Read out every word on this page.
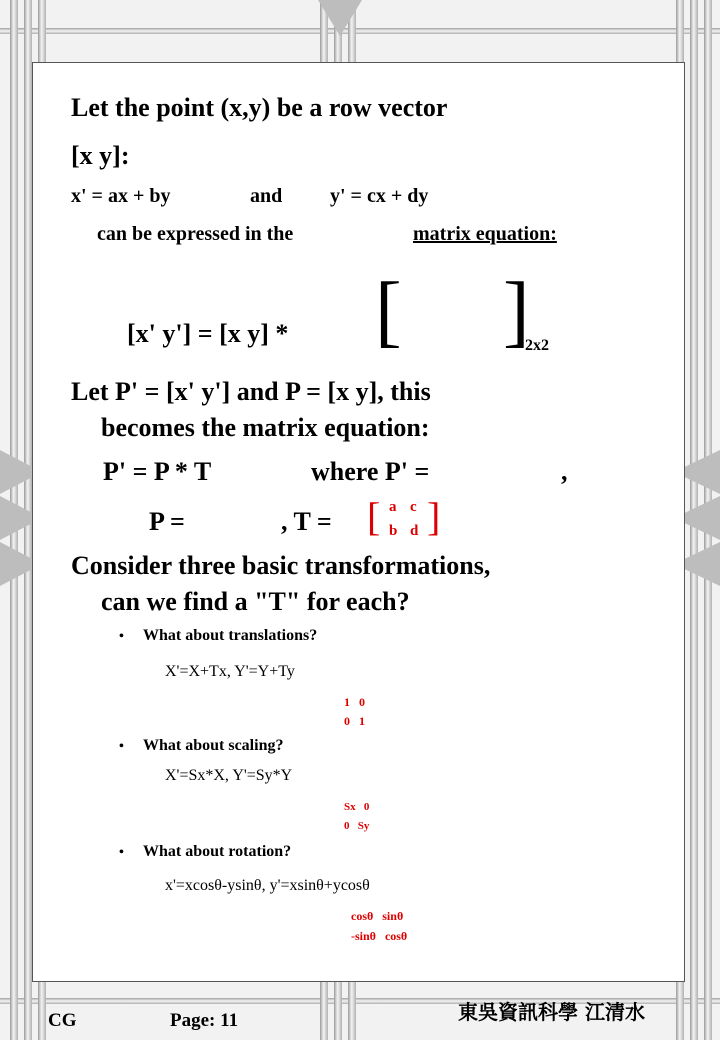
Let the point (x,y) be a row vector
[x y]:
x' = ax + by	and y' = cx + dy
can be expressed in the	matrix equation:
[x' y'] = [x y] * [ ]
2x2
Let P' = [x' y'] and P = [x y], this
becomes the matrix equation:
P' = P * T	where P' =	,
P =	, T = [ ]
a c
b d
Consider three basic transformations,
can we find a "T" for each?
• What about translations?
X'=X+Tx, Y'=Y+Ty
1   0
0   1
• What about scaling?
X'=Sx*X, Y'=Sy*Y
Sx   0
0   Sy
• What about rotation?
x'=xcosθ-ysinθ, y'=xsinθ+ycosθ
cosθ   sinθ
-sinθ   cosθ
CG	Page: 11	東吳資訊科學 江清水
